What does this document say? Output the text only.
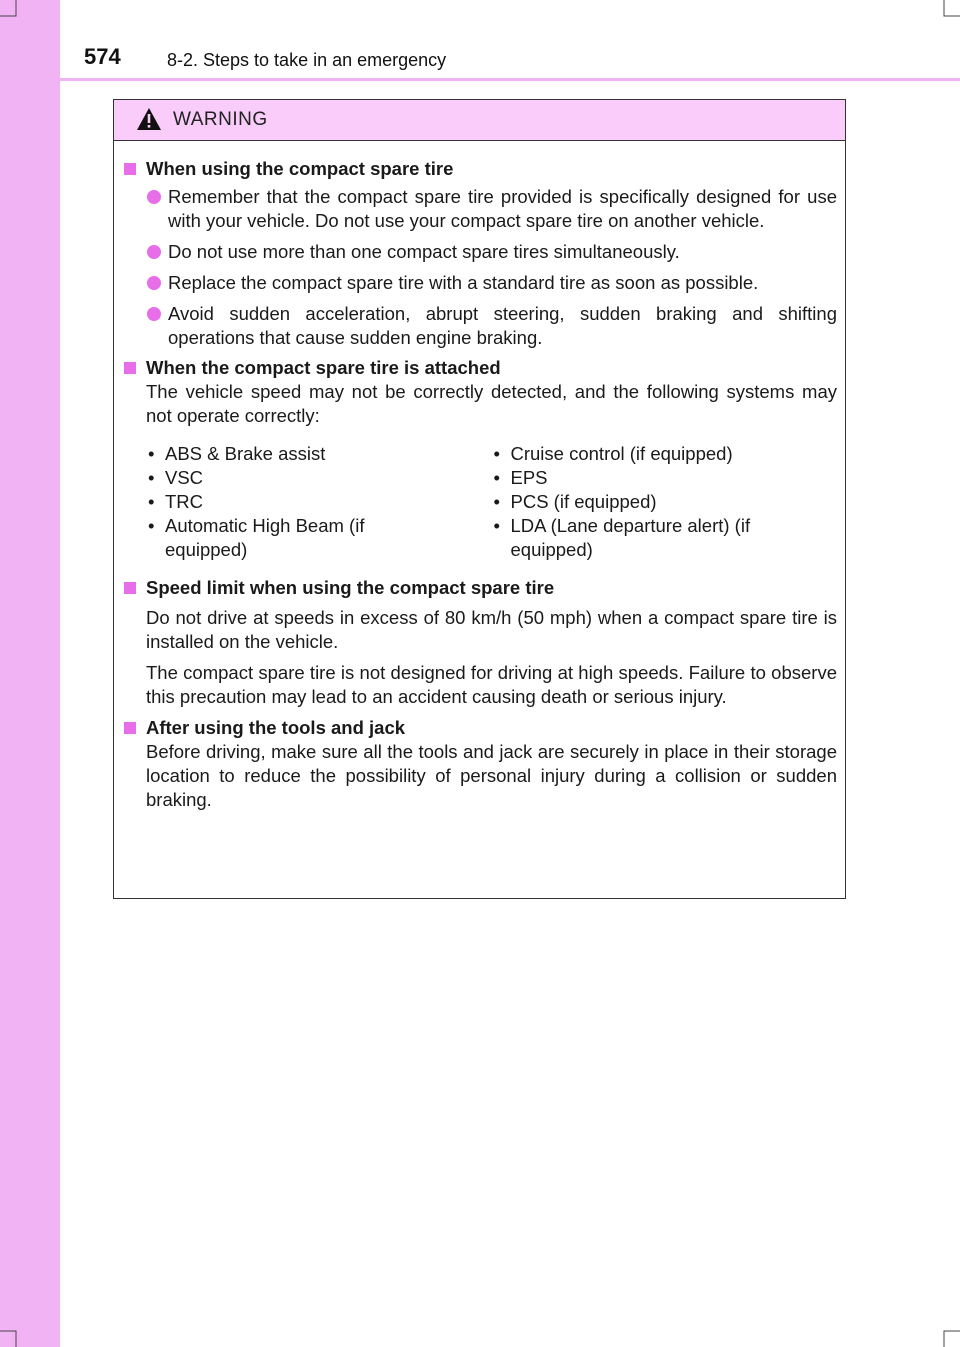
574	8-2. Steps to take in an emergency
WARNING
When using the compact spare tire
Remember that the compact spare tire provided is specifically designed for use with your vehicle. Do not use your compact spare tire on another vehicle.
Do not use more than one compact spare tires simultaneously.
Replace the compact spare tire with a standard tire as soon as possible.
Avoid sudden acceleration, abrupt steering, sudden braking and shifting operations that cause sudden engine braking.
When the compact spare tire is attached
The vehicle speed may not be correctly detected, and the following systems may not operate correctly:
• ABS & Brake assist
• VSC
• TRC
• Automatic High Beam (if equipped)
• Cruise control (if equipped)
• EPS
• PCS (if equipped)
• LDA (Lane departure alert) (if equipped)
Speed limit when using the compact spare tire
Do not drive at speeds in excess of 80 km/h (50 mph) when a compact spare tire is installed on the vehicle.
The compact spare tire is not designed for driving at high speeds. Failure to observe this precaution may lead to an accident causing death or serious injury.
After using the tools and jack
Before driving, make sure all the tools and jack are securely in place in their storage location to reduce the possibility of personal injury during a collision or sudden braking.
